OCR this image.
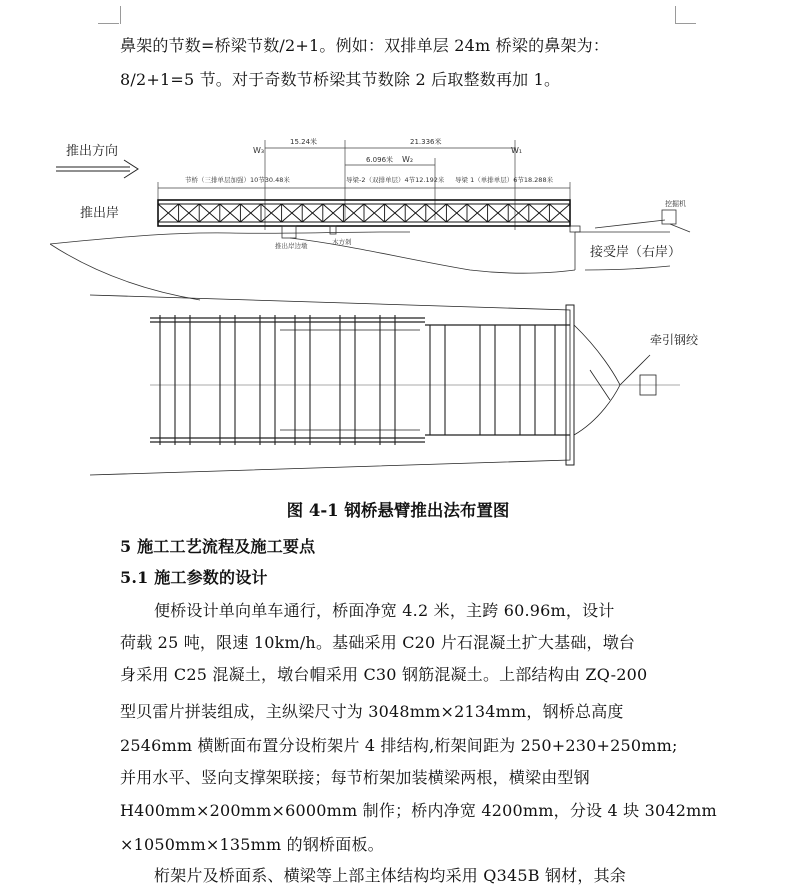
鼻架的节数=桥梁节数/2+1。例如：双排单层 24m 桥梁的鼻架为：
8/2+1=5 节。对于奇数节桥梁其节数除 2 后取整数再加 1。
推出方向
推出岸
15.24米	21.336米
6.096米
W₃
W₂
W₁
节桥（三排单层加强）10节30.48米	导梁-2（双排单层）4节12.192米 导梁 1（单排单层）6节18.288米
推出岸边墩	木方剁
接受岸（右岸）
挖掘机
牵引钢绞
图 4-1 钢桥悬臂推出法布置图
5 施工工艺流程及施工要点
5.1 施工参数的设计
便桥设计单向单车通行，桥面净宽 4.2 米，主跨 60.96m，设计
荷载 25 吨，限速 10km/h。基础采用 C20 片石混凝土扩大基础，墩台
身采用 C25 混凝土，墩台帽采用 C30 钢筋混凝土。上部结构由 ZQ-200
型贝雷片拼装组成，主纵梁尺寸为 3048mm×2134mm，钢桥总高度
2546mm 横断面布置分设桁架片 4 排结构,桁架间距为 250+230+250mm;
并用水平、竖向支撑架联接；每节桁架加装横梁两根，横梁由型钢
H400mm×200mm×6000mm 制作；桥内净宽 4200mm，分设 4 块 3042mm
×1050mm×135mm 的钢桥面板。
桁架片及桥面系、横梁等上部主体结构均采用 Q345B 钢材，其余
